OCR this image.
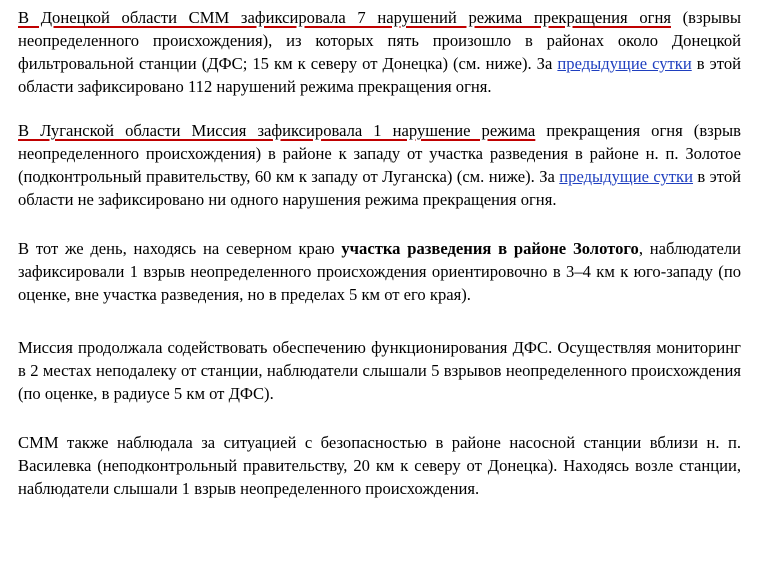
В Донецкой области СММ зафиксировала 7 нарушений режима прекращения огня (взрывы неопределенного происхождения), из которых пять произошло в районах около Донецкой фильтровальной станции (ДФС; 15 км к северу от Донецка) (см. ниже). За предыдущие сутки в этой области зафиксировано 112 нарушений режима прекращения огня.

В Луганской области Миссия зафиксировала 1 нарушение режима прекращения огня (взрыв неопределенного происхождения) в районе к западу от участка разведения в районе н. п. Золотое (подконтрольный правительству, 60 км к западу от Луганска) (см. ниже). За предыдущие сутки в этой области не зафиксировано ни одного нарушения режима прекращения огня.

В тот же день, находясь на северном краю участка разведения в районе Золотого, наблюдатели зафиксировали 1 взрыв неопределенного происхождения ориентировочно в 3–4 км к юго-западу (по оценке, вне участка разведения, но в пределах 5 км от его края).

Миссия продолжала содействовать обеспечению функционирования ДФС. Осуществляя мониторинг в 2 местах неподалеку от станции, наблюдатели слышали 5 взрывов неопределенного происхождения (по оценке, в радиусе 5 км от ДФС).

СММ также наблюдала за ситуацией с безопасностью в районе насосной станции вблизи н. п. Василевка (неподконтрольный правительству, 20 км к северу от Донецка). Находясь возле станции, наблюдатели слышали 1 взрыв неопределенного происхождения.
